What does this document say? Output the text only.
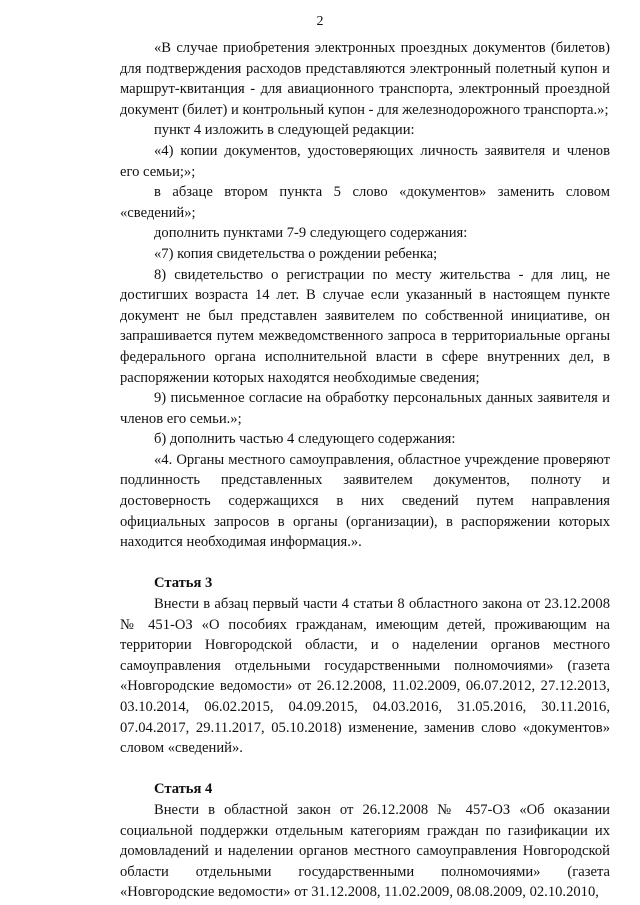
2

«В случае приобретения электронных проездных документов (билетов) для подтверждения расходов представляются электронный полетный купон и маршрут-квитанция - для авиационного транспорта, электронный проездной документ (билет) и контрольный купон - для железнодорожного транспорта.»;

пункт 4 изложить в следующей редакции:

«4) копии документов, удостоверяющих личность заявителя и членов его семьи;»;

в абзаце втором пункта 5 слово «документов» заменить словом «сведений»;

дополнить пунктами 7-9 следующего содержания:

«7) копия свидетельства о рождении ребенка;

8) свидетельство о регистрации по месту жительства - для лиц, не достигших возраста 14 лет. В случае если указанный в настоящем пункте документ не был представлен заявителем по собственной инициативе, он запрашивается путем межведомственного запроса в территориальные органы федерального органа исполнительной власти в сфере внутренних дел, в распоряжении которых находятся необходимые сведения;

9) письменное согласие на обработку персональных данных заявителя и членов его семьи.»;

б) дополнить частью 4 следующего содержания:

«4. Органы местного самоуправления, областное учреждение проверяют подлинность представленных заявителем документов, полноту и достоверность содержащихся в них сведений путем направления официальных запросов в органы (организации), в распоряжении которых находится необходимая информация.».

Статья 3

Внести в абзац первый части 4 статьи 8 областного закона от 23.12.2008 № 451-ОЗ «О пособиях гражданам, имеющим детей, проживающим на территории Новгородской области, и о наделении органов местного самоуправления отдельными государственными полномочиями» (газета «Новгородские ведомости» от 26.12.2008, 11.02.2009, 06.07.2012, 27.12.2013, 03.10.2014, 06.02.2015, 04.09.2015, 04.03.2016, 31.05.2016, 30.11.2016, 07.04.2017, 29.11.2017, 05.10.2018) изменение, заменив слово «документов» словом «сведений».

Статья 4

Внести в областной закон от 26.12.2008 № 457-ОЗ «Об оказании социальной поддержки отдельным категориям граждан по газификации их домовладений и наделении органов местного самоуправления Новгородской области отдельными государственными полномочиями» (газета «Новгородские ведомости» от 31.12.2008, 11.02.2009, 08.08.2009, 02.10.2010,
